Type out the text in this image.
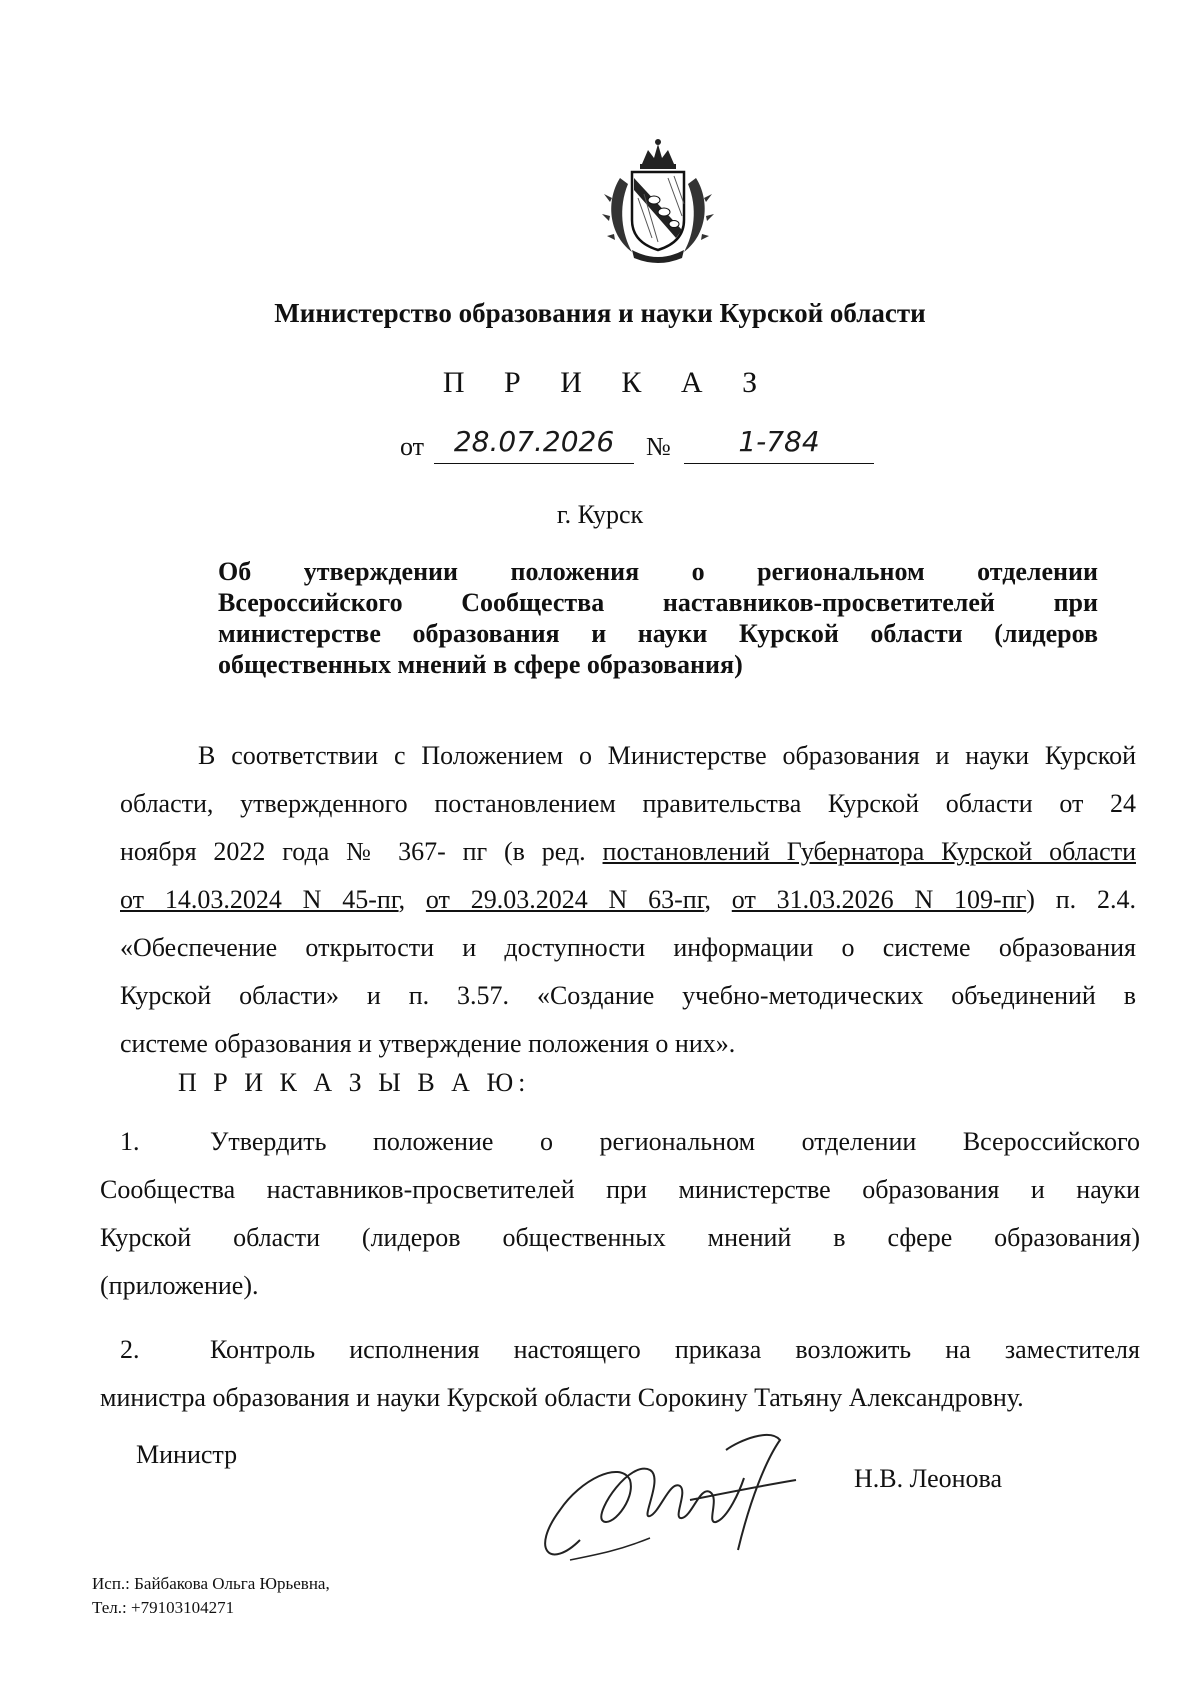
Министерство образования и науки Курской области
П Р И К А З
от	28.07.2026	№	1-784
г. Курск
Об утверждении положения о региональном отделении
Всероссийского Сообщества наставников-просветителей при
министерстве образования и науки Курской области (лидеров
общественных мнений в сфере образования)
В соответствии с Положением о Министерстве образования и науки Курской
области, утвержденного постановлением правительства Курской области от 24
ноября 2022 года № 367- пг (в ред. постановлений Губернатора Курской области
от 14.03.2024 N 45-пг, от 29.03.2024 N 63-пг, от 31.03.2026 N 109-пг) п. 2.4.
«Обеспечение открытости и доступности информации о системе образования
Курской области» и п. 3.57. «Создание учебно-методических объединений в
системе образования и утверждение положения о них».
П Р И К А З Ы В А Ю:
1.	Утвердить положение о региональном отделении Всероссийского
Сообщества наставников-просветителей при министерстве образования и науки
Курской области (лидеров общественных мнений в сфере образования)
(приложение).
2.	Контроль исполнения настоящего приказа возложить на заместителя
министра образования и науки Курской области Сорокину Татьяну Александровну.
Министр
Н.В. Леонова
Исп.: Байбакова Ольга Юрьевна,
Тел.: +79103104271
